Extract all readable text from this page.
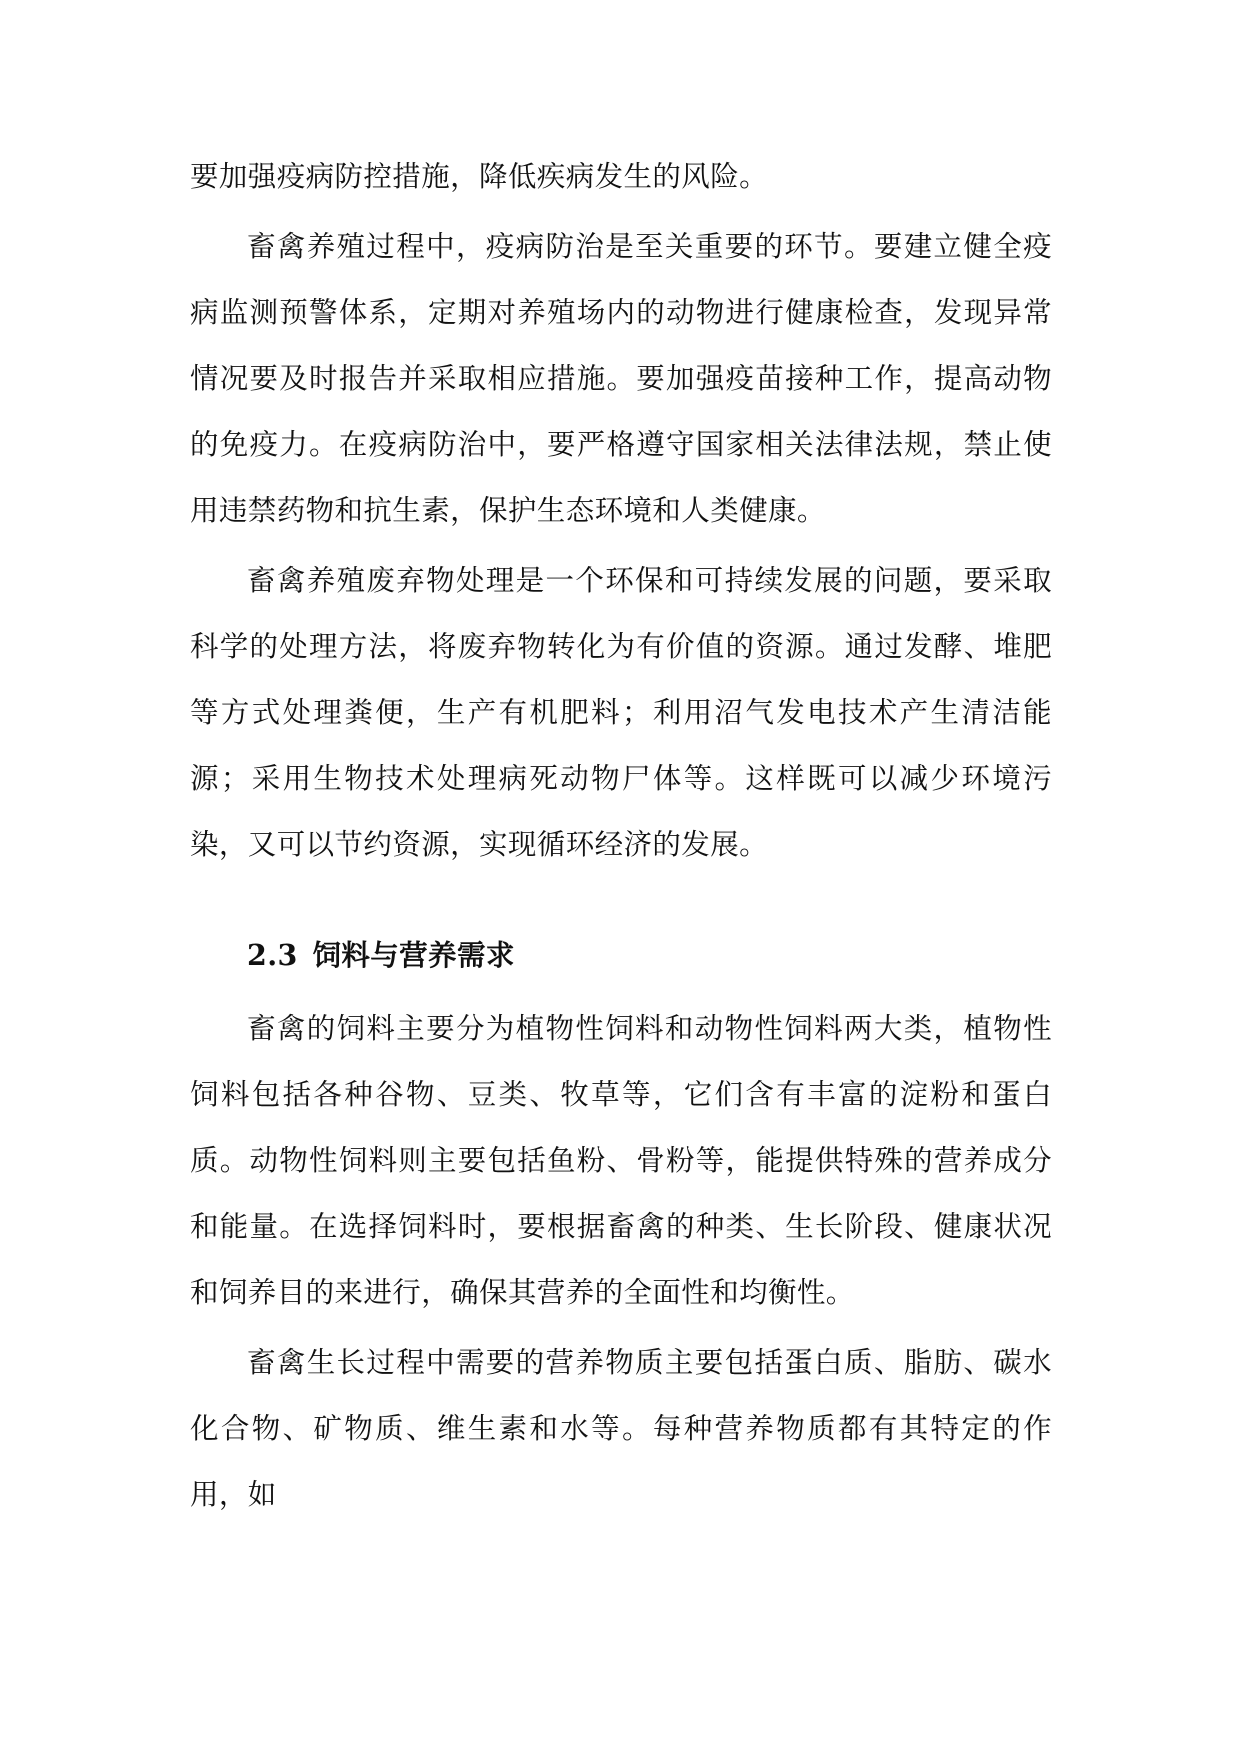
要加强疫病防控措施，降低疾病发生的风险。

畜禽养殖过程中，疫病防治是至关重要的环节。要建立健全疫病监测预警体系，定期对养殖场内的动物进行健康检查，发现异常情况要及时报告并采取相应措施。要加强疫苗接种工作，提高动物的免疫力。在疫病防治中，要严格遵守国家相关法律法规，禁止使用违禁药物和抗生素，保护生态环境和人类健康。

畜禽养殖废弃物处理是一个环保和可持续发展的问题，要采取科学的处理方法，将废弃物转化为有价值的资源。通过发酵、堆肥等方式处理粪便，生产有机肥料；利用沼气发电技术产生清洁能源；采用生物技术处理病死动物尸体等。这样既可以减少环境污染，又可以节约资源，实现循环经济的发展。

2.3  饲料与营养需求

畜禽的饲料主要分为植物性饲料和动物性饲料两大类，植物性饲料包括各种谷物、豆类、牧草等，它们含有丰富的淀粉和蛋白质。动物性饲料则主要包括鱼粉、骨粉等，能提供特殊的营养成分和能量。在选择饲料时，要根据畜禽的种类、生长阶段、健康状况和饲养目的来进行，确保其营养的全面性和均衡性。

畜禽生长过程中需要的营养物质主要包括蛋白质、脂肪、碳水化合物、矿物质、维生素和水等。每种营养物质都有其特定的作用，如
